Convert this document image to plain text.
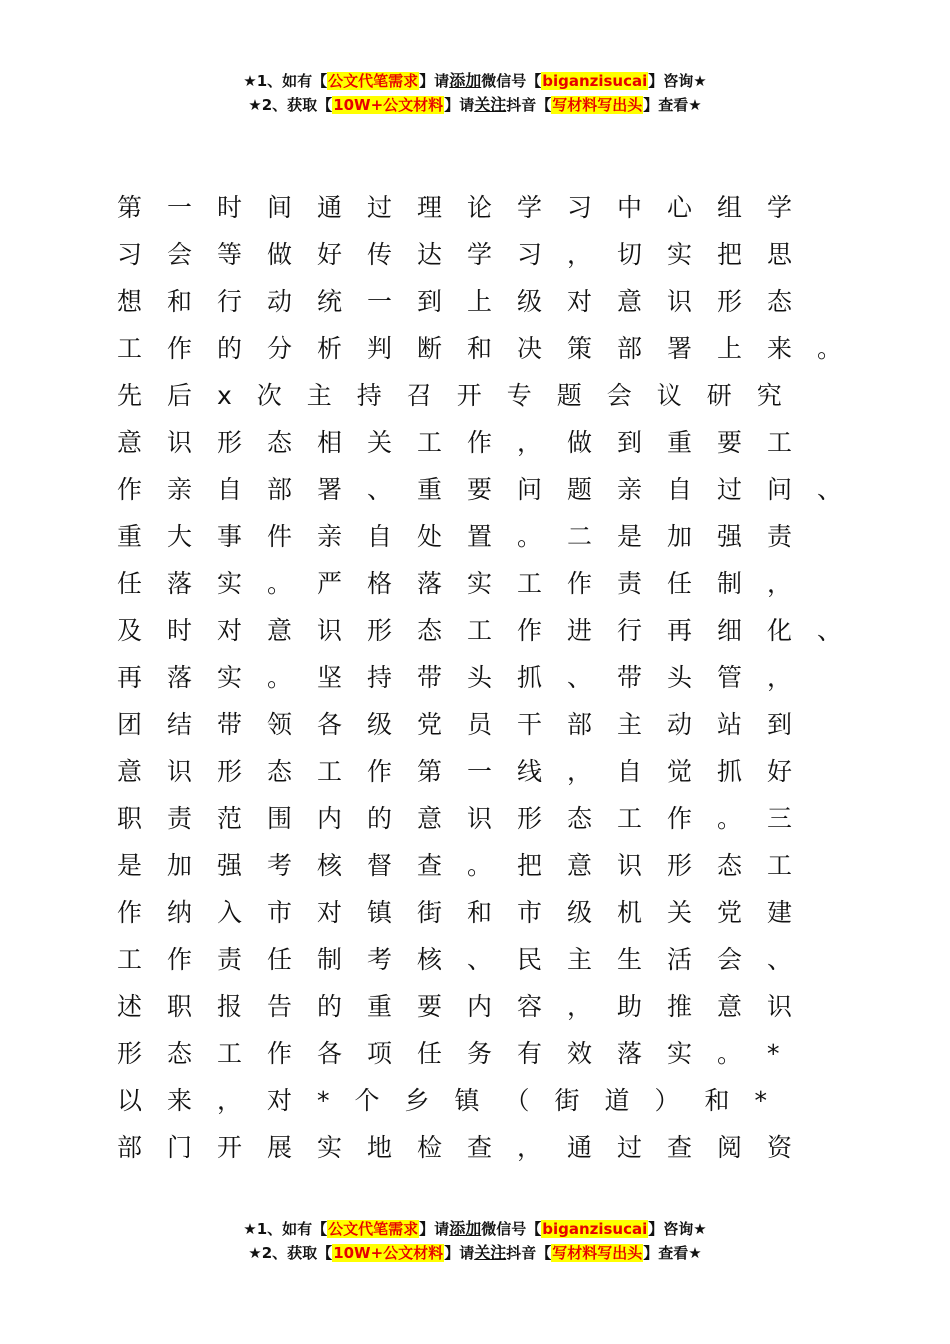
★1、如有【公文代笔需求】请添加微信号【biganzisucai】咨询★
★2、获取【10W+公文材料】请关注抖音【写材料写出头】查看★
第一时间通过理论学习中心组学
习会等做好传达学习，切实把思
想和行动统一到上级对意识形态
工作的分析判断和决策部署上来。
先后x次主持召开专题会议研究
意识形态相关工作，做到重要工
作亲自部署、重要问题亲自过问、
重大事件亲自处置。二是加强责
任落实。严格落实工作责任制，
及时对意识形态工作进行再细化、
再落实。坚持带头抓、带头管，
团结带领各级党员干部主动站到
意识形态工作第一线，自觉抓好
职责范围内的意识形态工作。三
是加强考核督查。把意识形态工
作纳入市对镇街和市级机关党建
工作责任制考核、民主生活会、
述职报告的重要内容，助推意识
形态工作各项任务有效落实。*
以来，对*个乡镇（街道）和*
部门开展实地检查，通过查阅资
★1、如有【公文代笔需求】请添加微信号【biganzisucai】咨询★
★2、获取【10W+公文材料】请关注抖音【写材料写出头】查看★
